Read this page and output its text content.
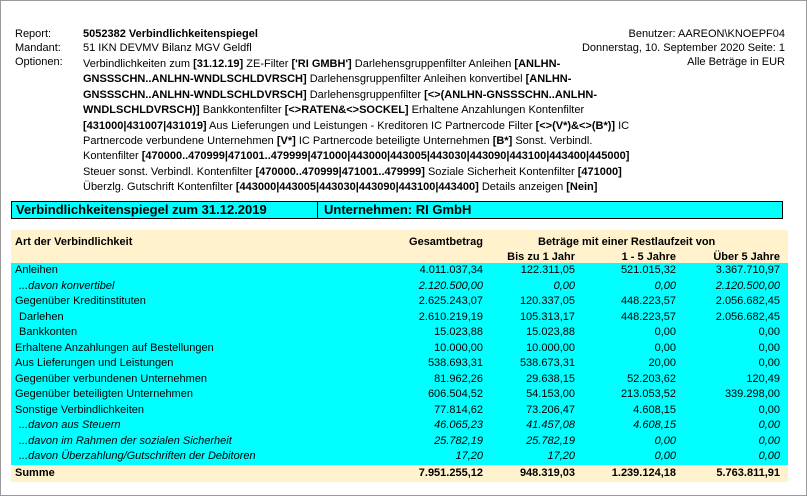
Report:	5052382 Verbindlichkeitenspiegel	Benutzer: AAREON\KNOEPF04
Mandant: 51 IKN DEVMV Bilanz MGV Geldfl	Donnerstag, 10. September 2020 Seite: 1
Optionen:	Alle Beträge in EUR
Verbindlichkeiten zum [31.12.19] ZE-Filter ['RI GMBH'] Darlehensgruppenfilter Anleihen [ANLHN-GNSSSCHN..ANLHN-WNDLSCHLDVRSCH] Darlehensgruppenfilter Anleihen konvertibel [ANLHN-GNSSSCHN..ANLHN-WNDLSCHLDVRSCH] Darlehensgruppenfilter [<>(ANLHN-GNSSSCHN..ANLHN-WNDLSCHLDVRSCH)] Bankkontenfilter [<>RATEN&<>SOCKEL] Erhaltene Anzahlungen Kontenfilter [431000|431007|431019] Aus Lieferungen und Leistungen - Kreditoren IC Partnercode Filter [<>(V*)&<>(B*)] IC Partnercode verbundene Unternehmen [V*] IC Partnercode beteiligte Unternehmen [B*] Sonst. Verbindl. Kontenfilter [470000..470999|471001..479999|471000|443000|443005|443030|443090|443100|443400|445000] Steuer sonst. Verbindl. Kontenfilter [470000..470999|471001..479999] Soziale Sicherheit Kontenfilter [471000] Überzlg. Gutschrift Kontenfilter [443000|443005|443030|443090|443100|443400] Details anzeigen [Nein]
Verbindlichkeitenspiegel zum 31.12.2019	Unternehmen: RI GmbH
Art der Verbindlichkeit	Gesamtbetrag	Beträge mit einer Restlaufzeit von
Bis zu 1 Jahr	1 - 5 Jahre	Über 5 Jahre
Anleihen	4.011.037,34	122.311,05	521.015,32	3.367.710,97
...davon konvertibel	2.120.500,00	0,00	0,00	2.120.500,00
Gegenüber Kreditinstituten	2.625.243,07	120.337,05	448.223,57	2.056.682,45
Darlehen	2.610.219,19	105.313,17	448.223,57	2.056.682,45
Bankkonten	15.023,88	15.023,88	0,00	0,00
Erhaltene Anzahlungen auf Bestellungen	10.000,00	10.000,00	0,00	0,00
Aus Lieferungen und Leistungen	538.693,31	538.673,31	20,00	0,00
Gegenüber verbundenen Unternehmen	81.962,26	29.638,15	52.203,62	120,49
Gegenüber beteiligten Unternehmen	606.504,52	54.153,00	213.053,52	339.298,00
Sonstige Verbindlichkeiten	77.814,62	73.206,47	4.608,15	0,00
...davon aus Steuern	46.065,23	41.457,08	4.608,15	0,00
...davon im Rahmen der sozialen Sicherheit	25.782,19	25.782,19	0,00	0,00
...davon Überzahlung/Gutschriften der Debitoren	17,20	17,20	0,00	0,00
Summe	7.951.255,12	948.319,03	1.239.124,18	5.763.811,91
